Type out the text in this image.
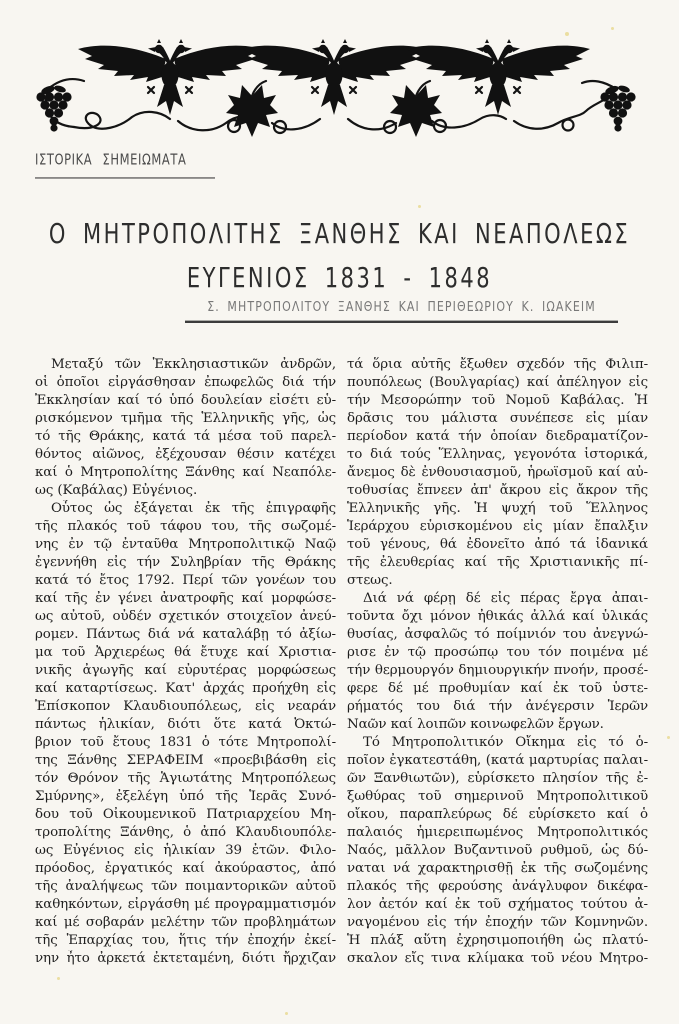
ΙΣΤΟΡΙΚΑ ΣΗΜΕΙΩΜΑΤΑ
Ο ΜΗΤΡΟΠΟΛΙΤΗΣ ΞΑΝΘΗΣ ΚΑΙ ΝΕΑΠΟΛΕΩΣ
ΕΥΓΕΝΙΟΣ 1831 - 1848
Σ. ΜΗΤΡΟΠΟΛΙΤΟΥ ΞΑΝΘΗΣ ΚΑΙ ΠΕΡΙΘΕΩΡΙΟΥ Κ. ΙΩΑΚΕΙΜ
Μεταξύ τῶν Ἐκκλησιαστικῶν ἀνδρῶν,
οἱ ὁποῖοι εἰργάσθησαν ἐπωφελῶς διά τήν
Ἐκκλησίαν καί τό ὑπό δουλείαν εἰσέτι εὑ-
ρισκόμενον τμῆμα τῆς Ἑλληνικῆς γῆς, ὡς
τό τῆς Θράκης, κατά τά μέσα τοῦ παρελ-
θόντος αἰῶνος, ἐξέχουσαν θέσιν κατέχει
καί ὁ Μητροπολίτης Ξάνθης καί Νεαπόλε-
ως (Καβάλας) Εὐγένιος.
Οὗτος ὡς ἐξάγεται ἐκ τῆς ἐπιγραφῆς
τῆς πλακός τοῦ τάφου του, τῆς σωζομέ-
νης ἐν τῷ ἐνταῦθα Μητροπολιτικῷ Ναῷ
ἐγεννήθη εἰς τήν Συληβρίαν τῆς Θράκης
κατά τό ἔτος 1792. Περί τῶν γονέων του
καί τῆς ἐν γένει ἀνατροφῆς καί μορφώσε-
ως αὐτοῦ, οὐδέν σχετικόν στοιχεῖον ἀνεύ-
ρομεν. Πάντως διά νά καταλάβῃ τό ἀξίω-
μα τοῦ Ἀρχιερέως θά ἔτυχε καί Χριστια-
νικῆς ἀγωγῆς καί εὐρυτέρας μορφώσεως
καί καταρτίσεως. Κατ' ἀρχάς προήχθη εἰς
Ἐπίσκοπον Κλαυδιουπόλεως, εἰς νεαράν
πάντως ἡλικίαν, διότι ὅτε κατά Ὀκτώ-
βριον τοῦ ἔτους 1831 ὁ τότε Μητροπολί-
της Ξάνθης ΣΕΡΑΦΕΙΜ «προεβιβάσθη εἰς
τόν Θρόνον τῆς Ἁγιωτάτης Μητροπόλεως
Σμύρνης», ἐξελέγη ὑπό τῆς Ἱερᾶς Συνό-
δου τοῦ Οἰκουμενικοῦ Πατριαρχείου Μη-
τροπολίτης Ξάνθης, ὁ ἀπό Κλαυδιουπόλε-
ως Εὐγένιος εἰς ἡλικίαν 39 ἐτῶν. Φιλο-
πρόοδος, ἐργατικός καί ἀκούραστος, ἀπό
τῆς ἀναλήψεως τῶν ποιμαντορικῶν αὐτοῦ
καθηκόντων, εἰργάσθη μέ προγραμματισμόν
καί μέ σοβαράν μελέτην τῶν προβλημάτων
τῆς Ἐπαρχίας του, ἥτις τήν ἐποχήν ἐκεί-
νην ἦτο ἀρκετά ἐκτεταμένη, διότι ἤρχιζαν
τά ὅρια αὐτῆς ἔξωθεν σχεδόν τῆς Φιλιπ-
πουπόλεως (Βουλγαρίας) καί ἀπέληγον εἰς
τήν Μεσορώπην τοῦ Νομοῦ Καβάλας. Ἡ
δρᾶσις του μάλιστα συνέπεσε εἰς μίαν
περίοδον κατά τήν ὁποίαν διεδραματίζον-
το διά τούς Ἕλληνας, γεγονότα ἱστορικά,
ἄνεμος δὲ ἐνθουσιασμοῦ, ἡρωϊσμοῦ καί αὐ-
τοθυσίας ἔπνεεν ἀπ' ἄκρου εἰς ἄκρον τῆς
Ἑλληνικῆς γῆς. Ἡ ψυχή τοῦ Ἕλληνος
Ἱεράρχου εὑρισκομένου εἰς μίαν ἔπαλξιν
τοῦ γένους, θά ἐδονεῖτο ἀπό τά ἰδανικά
τῆς ἐλευθερίας καί τῆς Χριστιανικῆς πί-
στεως.
Διά νά φέρῃ δέ εἰς πέρας ἔργα ἀπαι-
τοῦντα ὄχι μόνον ἠθικάς ἀλλά καί ὑλικάς
θυσίας, ἀσφαλῶς τό ποίμνιόν του ἀνεγνώ-
ρισε ἐν τῷ προσώπῳ του τόν ποιμένα μέ
τήν θερμουργόν δημιουργικήν πνοήν, προσέ-
φερε δέ μέ προθυμίαν καί ἐκ τοῦ ὑστε-
ρήματός του διά τήν ἀνέγερσιν Ἱερῶν
Ναῶν καί λοιπῶν κοινωφελῶν ἔργων.
Τό Μητροπολιτικόν Οἴκημα εἰς τό ὁ-
ποῖον ἐγκατεστάθη, (κατά μαρτυρίας παλαι-
ῶν Ξανθιωτῶν), εὑρίσκετο πλησίον τῆς ἐ-
ξωθύρας τοῦ σημερινοῦ Μητροπολιτικοῦ
οἴκου, παραπλεύρως δέ εὑρίσκετο καί ὁ
παλαιός ἡμιερειπωμένος Μητροπολιτικός
Ναός, μᾶλλον Βυζαντινοῦ ρυθμοῦ, ὡς δύ-
ναται νά χαρακτηρισθῇ ἐκ τῆς σωζομένης
πλακός τῆς φερούσης ἀνάγλυφον δικέφα-
λον ἀετόν καί ἐκ τοῦ σχήματος τούτου ἀ-
ναγομένου εἰς τήν ἐποχήν τῶν Κομνηνῶν.
Ἡ πλάξ αὕτη ἐχρησιμοποιήθη ὡς πλατύ-
σκαλον εἴς τινα κλίμακα τοῦ νέου Μητρο-
